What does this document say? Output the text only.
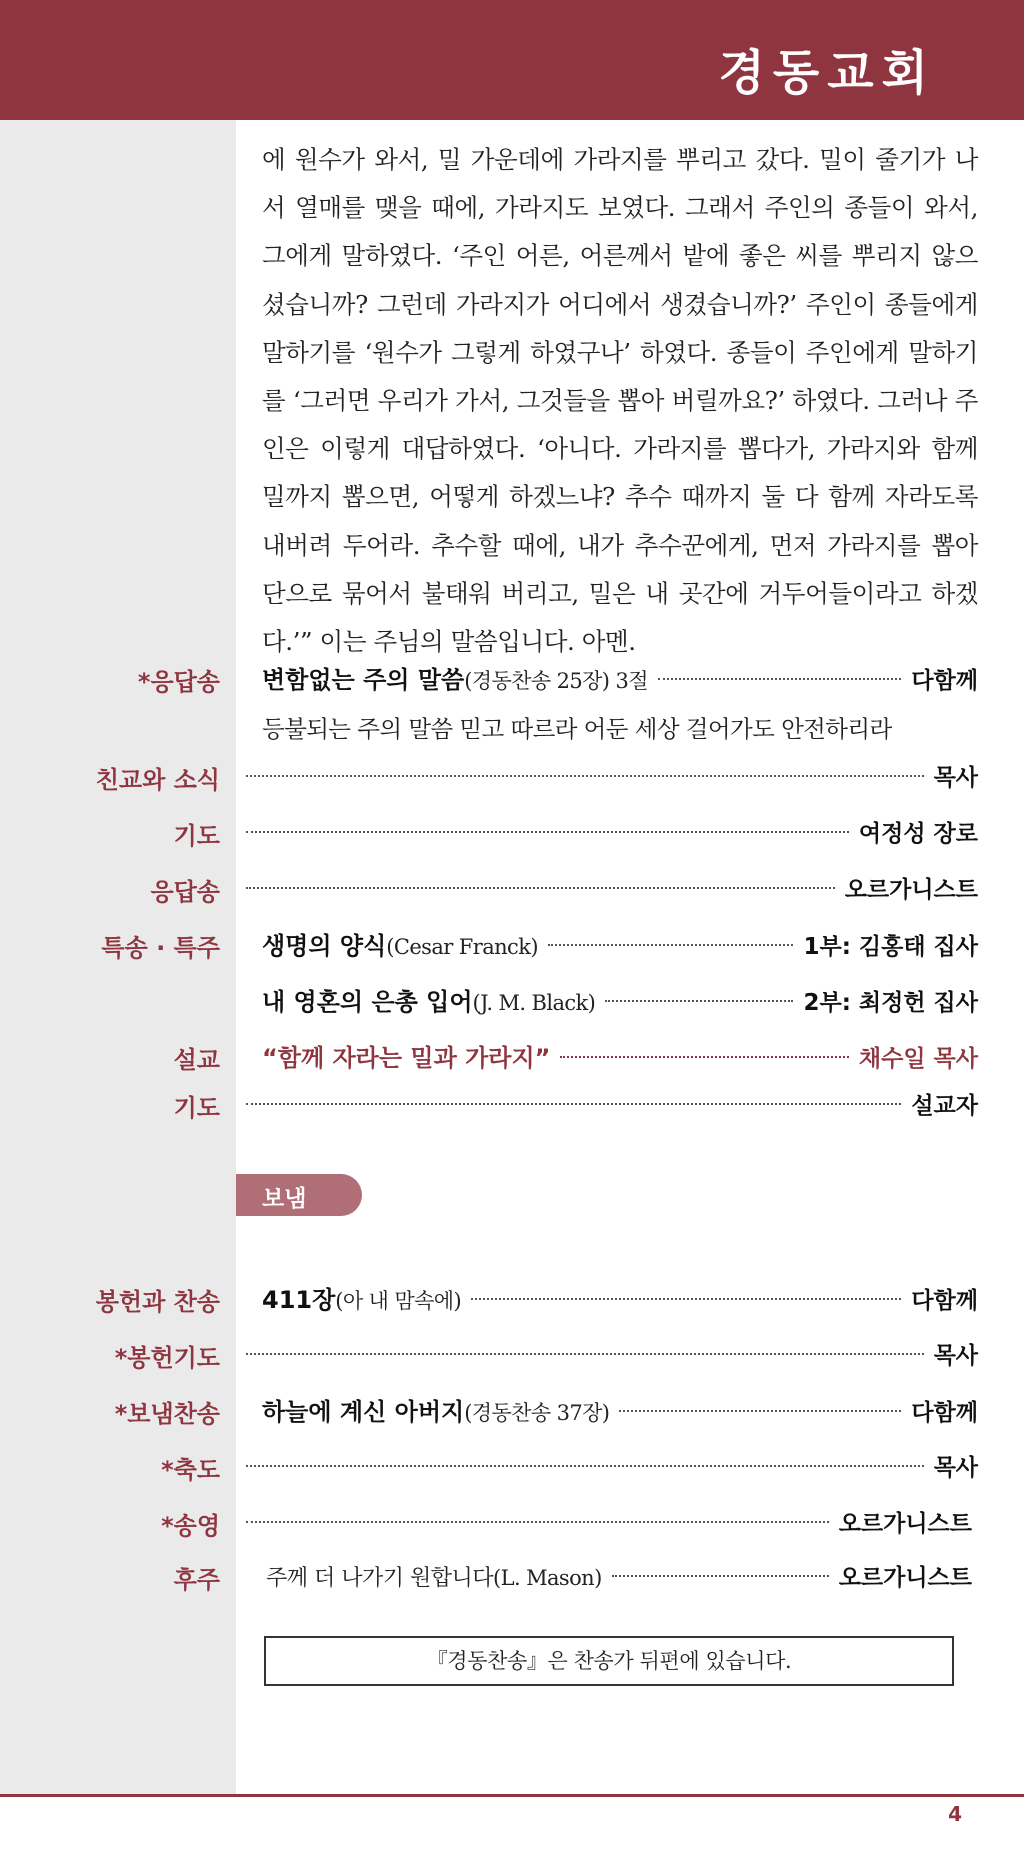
경동교회
에 원수가 와서, 밀 가운데에 가라지를 뿌리고 갔다. 밀이 줄기가 나
서 열매를 맺을 때에, 가라지도 보였다. 그래서 주인의 종들이 와서,
그에게 말하였다. ‘주인 어른, 어른께서 밭에 좋은 씨를 뿌리지 않으
셨습니까? 그런데 가라지가 어디에서 생겼습니까?’ 주인이 종들에게
말하기를 ‘원수가 그렇게 하였구나’ 하였다. 종들이 주인에게 말하기
를 ‘그러면 우리가 가서, 그것들을 뽑아 버릴까요?’ 하였다. 그러나 주
인은 이렇게 대답하였다. ‘아니다. 가라지를 뽑다가, 가라지와 함께
밀까지 뽑으면, 어떻게 하겠느냐? 추수 때까지 둘 다 함께 자라도록
내버려 두어라. 추수할 때에, 내가 추수꾼에게, 먼저 가라지를 뽑아
단으로 묶어서 불태워 버리고, 밀은 내 곳간에 거두어들이라고 하겠
다.’” 이는 주님의 말씀입니다. 아멘.
*응답송 변함없는 주의 말씀 (경동찬송 25장) 3절	다함께
등불되는 주의 말씀 믿고 따르라 어둔 세상 걸어가도 안전하리라
친교와 소식	목사
기도	여정성 장로
응답송	오르가니스트
특송 · 특주 생명의 양식 (Cesar Franck)	1부: 김홍태 집사
내 영혼의 은총 입어 (J. M. Black)	2부: 최정헌 집사
설교 “함께 자라는 밀과 가라지”	채수일 목사
기도	설교자
보냄
봉헌과 찬송 411장 (아 내 맘속에)	다함께
*봉헌기도	목사
*보냄찬송 하늘에 계신 아버지 (경동찬송 37장)	다함께
*축도	목사
*송영	오르가니스트
후주 주께 더 나가기 원합니다 (L. Mason)	오르가니스트
『경동찬송』은 찬송가 뒤편에 있습니다.
4
